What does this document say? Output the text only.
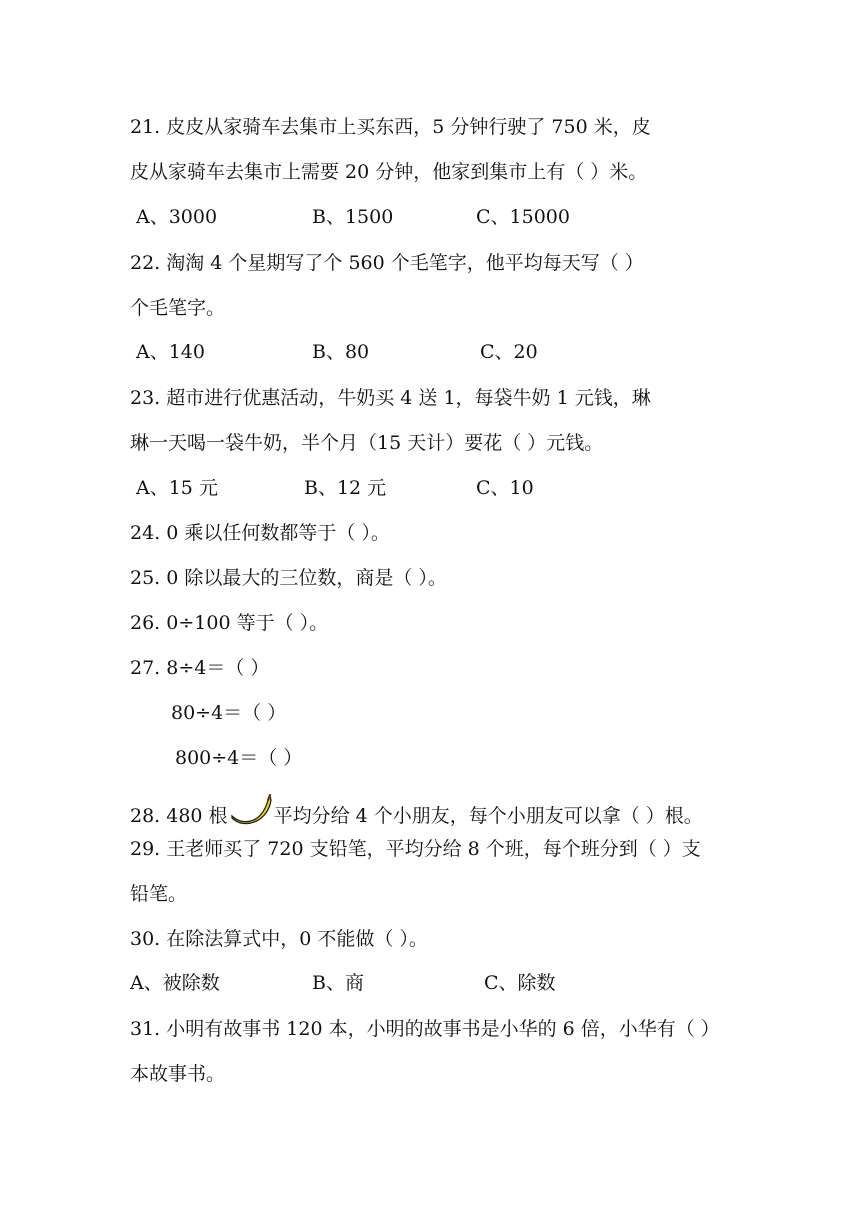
21. 皮皮从家骑车去集市上买东西，5 分钟行驶了 750 米，皮
皮从家骑车去集市上需要 20 分钟，他家到集市上有（ ）米。
A、3000	B、1500	C、15000
22. 淘淘 4 个星期写了个 560 个毛笔字，他平均每天写（ ）
个毛笔字。
A、140	B、80	C、20
23. 超市进行优惠活动，牛奶买 4 送 1，每袋牛奶 1 元钱，琳
琳一天喝一袋牛奶，半个月（15 天计）要花（ ）元钱。
A、15 元	B、12 元	C、10
24. 0 乘以任何数都等于（ ）。
25. 0 除以最大的三位数，商是（ ）。
26. 0÷100 等于（ ）。
27. 8÷4＝（ ）
80÷4＝（ ）
800÷4＝（ ）
28. 480 根 平均分给 4 个小朋友，每个小朋友可以拿（ ）根。
29. 王老师买了 720 支铅笔，平均分给 8 个班，每个班分到（ ）支
铅笔。
30. 在除法算式中，0 不能做（ ）。
A、被除数	B、商	C、除数
31. 小明有故事书 120 本，小明的故事书是小华的 6 倍，小华有（ ）
本故事书。
